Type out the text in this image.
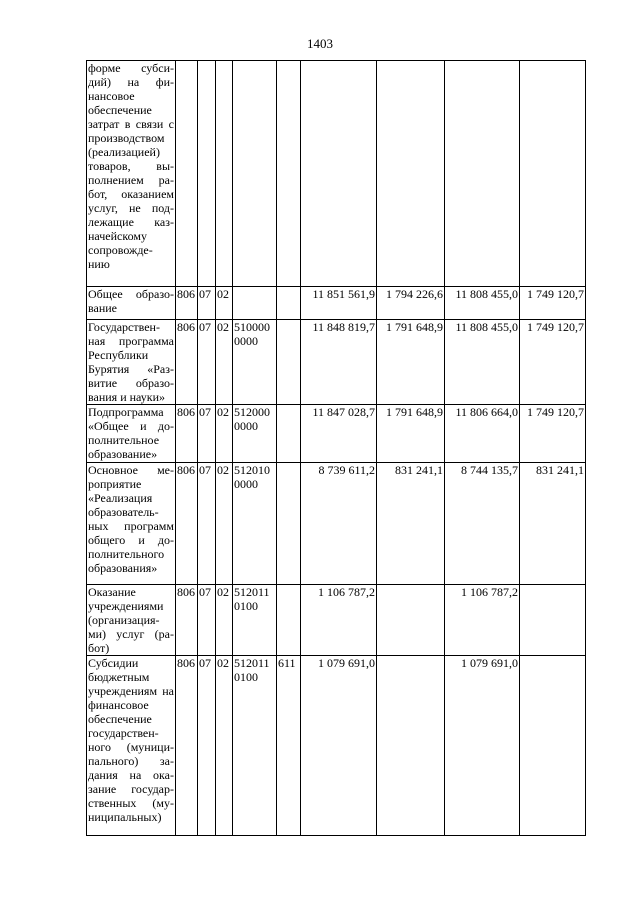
1403
форме субси-дий) на фи-нансовое обеспечение затрат в связи с производством (реализацией) товаров, вы-полнением ра-бот, оказанием услуг, не под-лежащие каз-начейскому сопровожде-нию									
Общее образо-вание	806	07	02			11 851 561,9	1 794 226,6	11 808 455,0	1 749 120,7
Государствен-ная программа Республики Бурятия «Раз-витие образо-вания и науки»	806	07	02	510000 0000		11 848 819,7	1 791 648,9	11 808 455,0	1 749 120,7
Подпрограмма «Общее и до-полнительное образование»	806	07	02	512000 0000		11 847 028,7	1 791 648,9	11 806 664,0	1 749 120,7
Основное ме-роприятие «Реализация образователь-ных программ общего и до-полнительного образования»	806	07	02	512010 0000		8 739 611,2	831 241,1	8 744 135,7	831 241,1
Оказание учреждениями (организация-ми) услуг (ра-бот)	806	07	02	512011 0100		1 106 787,2		1 106 787,2	
Субсидии бюджетным учреждениям на финансовое обеспечение государствен-ного (муници-пального) за-дания на ока-зание государ-ственных (му-ниципальных)	806	07	02	512011 0100	611	1 079 691,0		1 079 691,0	
